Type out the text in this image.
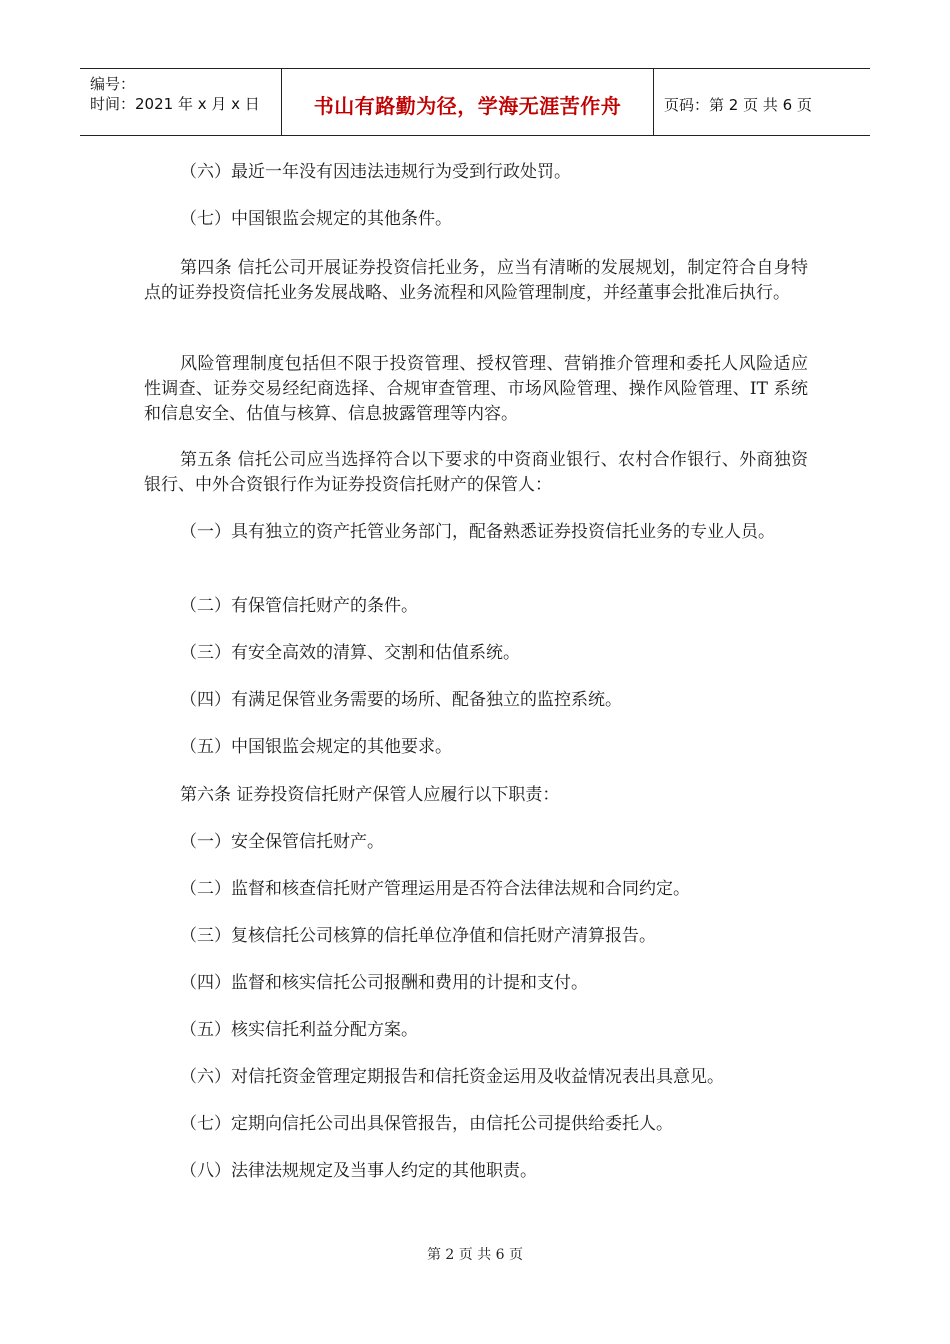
编号：
时间：2021 年 x 月 x 日	书山有路勤为径，学海无涯苦作舟	页码：第 2 页 共 6 页
（六）最近一年没有因违法违规行为受到行政处罚。
（七）中国银监会规定的其他条件。
第四条 信托公司开展证券投资信托业务，应当有清晰的发展规划，制定符合自身特点的证券投资信托业务发展战略、业务流程和风险管理制度，并经董事会批准后执行。
风险管理制度包括但不限于投资管理、授权管理、营销推介管理和委托人风险适应性调查、证券交易经纪商选择、合规审查管理、市场风险管理、操作风险管理、IT 系统和信息安全、估值与核算、信息披露管理等内容。
第五条 信托公司应当选择符合以下要求的中资商业银行、农村合作银行、外商独资银行、中外合资银行作为证券投资信托财产的保管人：
（一）具有独立的资产托管业务部门，配备熟悉证券投资信托业务的专业人员。
（二）有保管信托财产的条件。
（三）有安全高效的清算、交割和估值系统。
（四）有满足保管业务需要的场所、配备独立的监控系统。
（五）中国银监会规定的其他要求。
第六条 证券投资信托财产保管人应履行以下职责：
（一）安全保管信托财产。
（二）监督和核查信托财产管理运用是否符合法律法规和合同约定。
（三）复核信托公司核算的信托单位净值和信托财产清算报告。
（四）监督和核实信托公司报酬和费用的计提和支付。
（五）核实信托利益分配方案。
（六）对信托资金管理定期报告和信托资金运用及收益情况表出具意见。
（七）定期向信托公司出具保管报告，由信托公司提供给委托人。
（八）法律法规规定及当事人约定的其他职责。
第 2 页 共 6 页
